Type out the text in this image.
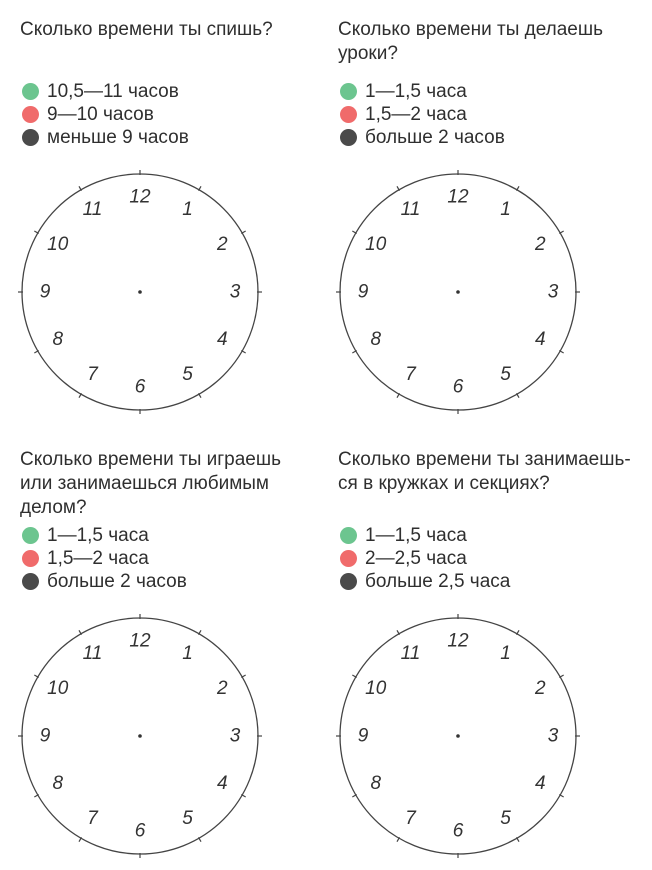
Сколько времени ты спишь?
10,5—11 часов
9—10 часов
меньше 9 часов
12
1
2
3
4
5
6
7
8
9
10
11
Сколько времени ты делаешь
уроки?
1—1,5 часа
1,5—2 часа
больше 2 часов
12
1
2
3
4
5
6
7
8
9
10
11
Сколько времени ты играешь
или занимаешься любимым
делом?
1—1,5 часа
1,5—2 часа
больше 2 часов
12
1
2
3
4
5
6
7
8
9
10
11
Сколько времени ты занимаешь-
ся в кружках и секциях?
1—1,5 часа
2—2,5 часа
больше 2,5 часа
12
1
2
3
4
5
6
7
8
9
10
11
